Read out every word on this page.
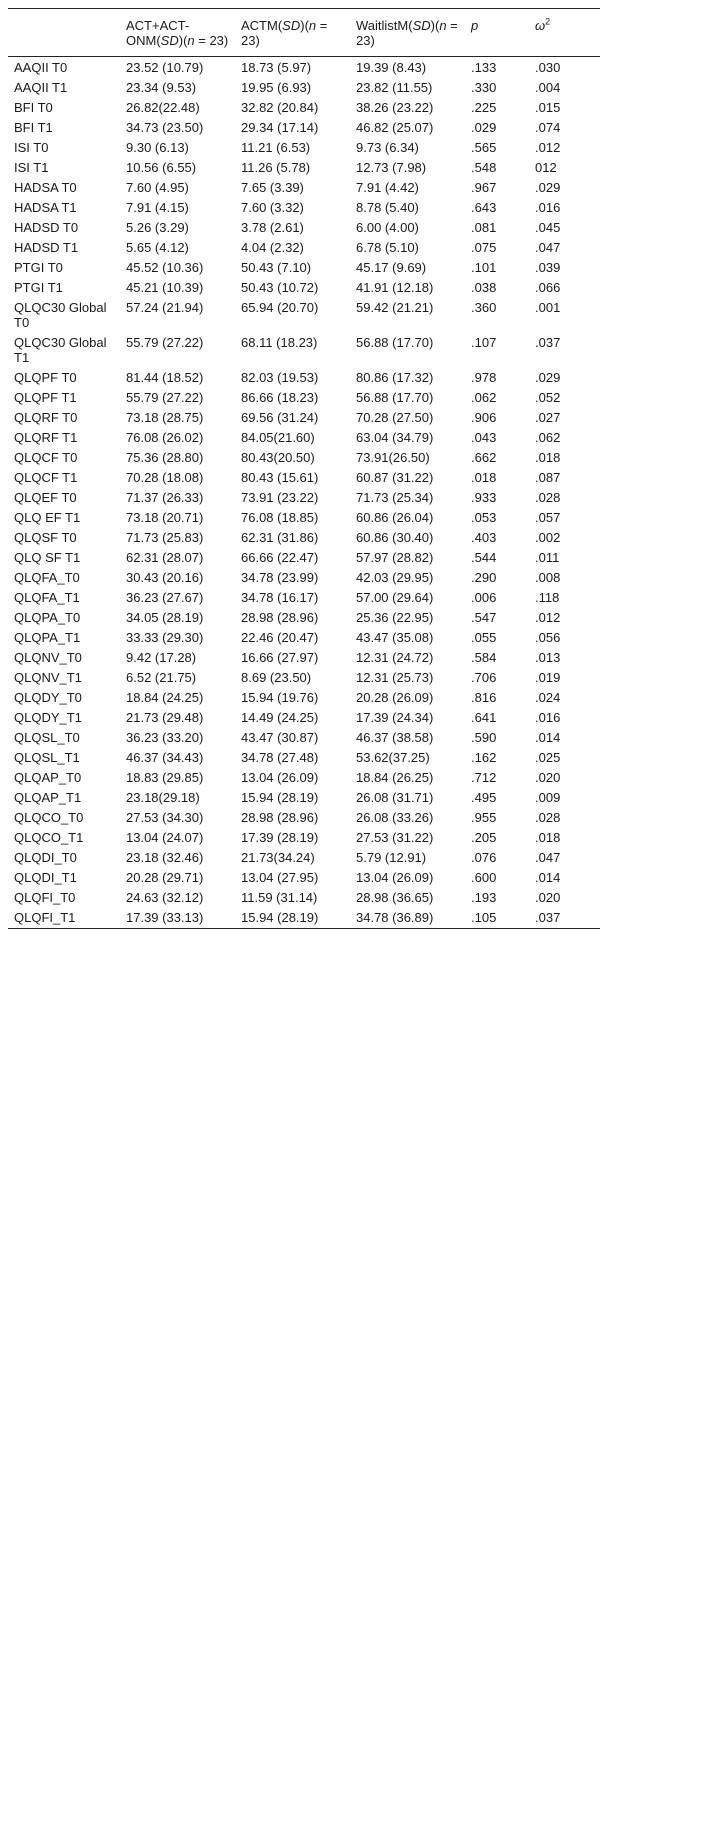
	ACT+ACT-ONM(SD)(n = 23)	ACTM(SD)(n = 23)	WaitlistM(SD)(n = 23)	p	$\omega^2$
AAQII T0	23.52 (10.79)	18.73 (5.97)	19.39 (8.43)	.133	.030
AAQII T1	23.34 (9.53)	19.95 (6.93)	23.82 (11.55)	.330	.004
BFI T0	26.82(22.48)	32.82 (20.84)	38.26 (23.22)	.225	.015
BFI T1	34.73 (23.50)	29.34 (17.14)	46.82 (25.07)	.029	.074
ISI T0	9.30 (6.13)	11.21 (6.53)	9.73 (6.34)	.565	.012
ISI T1	10.56 (6.55)	11.26 (5.78)	12.73 (7.98)	.548	012
HADSA T0	7.60 (4.95)	7.65 (3.39)	7.91 (4.42)	.967	.029
HADSA T1	7.91 (4.15)	7.60 (3.32)	8.78 (5.40)	.643	.016
HADSD T0	5.26 (3.29)	3.78 (2.61)	6.00 (4.00)	.081	.045
HADSD T1	5.65 (4.12)	4.04 (2.32)	6.78 (5.10)	.075	.047
PTGI T0	45.52 (10.36)	50.43 (7.10)	45.17 (9.69)	.101	.039
PTGI T1	45.21 (10.39)	50.43 (10.72)	41.91 (12.18)	.038	.066
QLQC30 Global T0	57.24 (21.94)	65.94 (20.70)	59.42 (21.21)	.360	.001
QLQC30 Global T1	55.79 (27.22)	68.11 (18.23)	56.88 (17.70)	.107	.037
QLQPF T0	81.44 (18.52)	82.03 (19.53)	80.86 (17.32)	.978	.029
QLQPF T1	55.79 (27.22)	86.66 (18.23)	56.88 (17.70)	.062	.052
QLQRF T0	73.18 (28.75)	69.56 (31.24)	70.28 (27.50)	.906	.027
QLQRF T1	76.08 (26.02)	84.05(21.60)	63.04 (34.79)	.043	.062
QLQCF T0	75.36 (28.80)	80.43(20.50)	73.91(26.50)	.662	.018
QLQCF T1	70.28 (18.08)	80.43 (15.61)	60.87 (31.22)	.018	.087
QLQEF T0	71.37 (26.33)	73.91 (23.22)	71.73 (25.34)	.933	.028
QLQ EF T1	73.18 (20.71)	76.08 (18.85)	60.86 (26.04)	.053	.057
QLQSF T0	71.73 (25.83)	62.31 (31.86)	60.86 (30.40)	.403	.002
QLQ SF T1	62.31 (28.07)	66.66 (22.47)	57.97 (28.82)	.544	.011
QLQFA_T0	30.43 (20.16)	34.78 (23.99)	42.03 (29.95)	.290	.008
QLQFA_T1	36.23 (27.67)	34.78 (16.17)	57.00 (29.64)	.006	.118
QLQPA_T0	34.05 (28.19)	28.98 (28.96)	25.36 (22.95)	.547	.012
QLQPA_T1	33.33 (29.30)	22.46 (20.47)	43.47 (35.08)	.055	.056
QLQNV_T0	9.42 (17.28)	16.66 (27.97)	12.31 (24.72)	.584	.013
QLQNV_T1	6.52 (21.75)	8.69 (23.50)	12.31 (25.73)	.706	.019
QLQDY_T0	18.84 (24.25)	15.94 (19.76)	20.28 (26.09)	.816	.024
QLQDY_T1	21.73 (29.48)	14.49 (24.25)	17.39 (24.34)	.641	.016
QLQSL_T0	36.23 (33.20)	43.47 (30.87)	46.37 (38.58)	.590	.014
QLQSL_T1	46.37 (34.43)	34.78 (27.48)	53.62(37.25)	.162	.025
QLQAP_T0	18.83 (29.85)	13.04 (26.09)	18.84 (26.25)	.712	.020
QLQAP_T1	23.18(29.18)	15.94 (28.19)	26.08 (31.71)	.495	.009
QLQCO_T0	27.53 (34.30)	28.98 (28.96)	26.08 (33.26)	.955	.028
QLQCO_T1	13.04 (24.07)	17.39 (28.19)	27.53 (31.22)	.205	.018
QLQDI_T0	23.18 (32.46)	21.73(34.24)	5.79 (12.91)	.076	.047
QLQDI_T1	20.28 (29.71)	13.04 (27.95)	13.04 (26.09)	.600	.014
QLQFI_T0	24.63 (32.12)	11.59 (31.14)	28.98 (36.65)	.193	.020
QLQFI_T1	17.39 (33.13)	15.94 (28.19)	34.78 (36.89)	.105	.037
